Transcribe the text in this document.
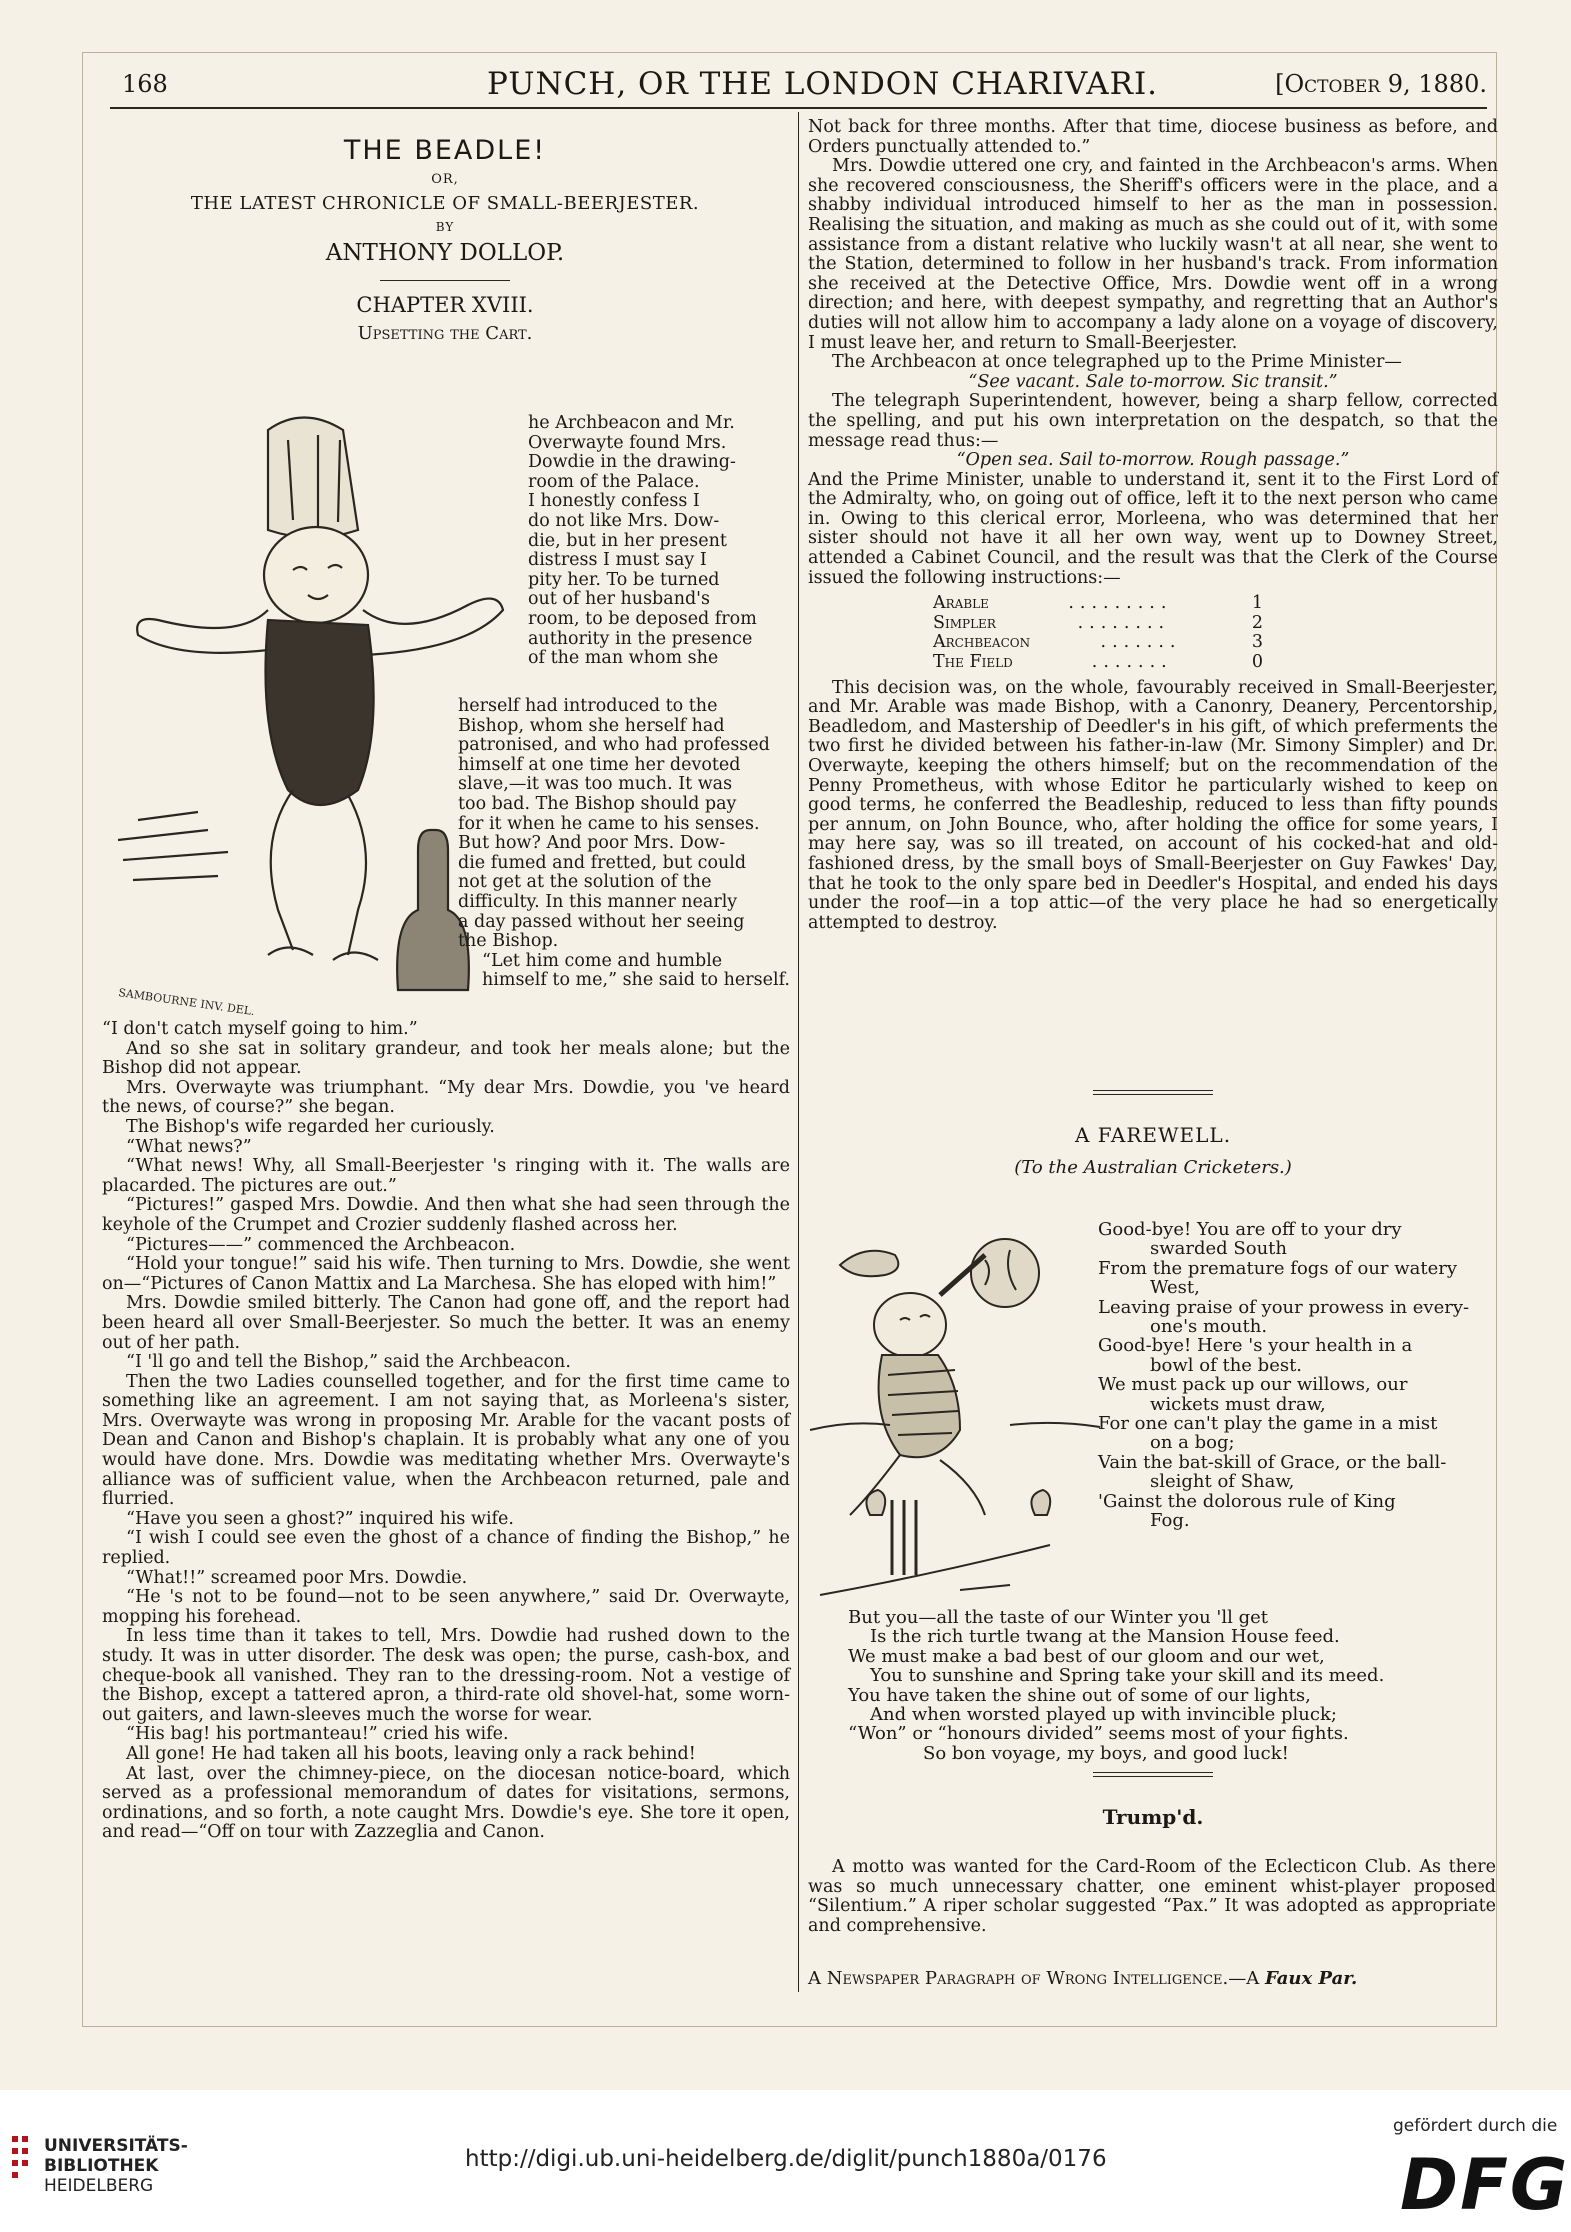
168	PUNCH, OR THE LONDON CHARIVARI.	[October 9, 1880.
THE BEADLE!
OR,
THE LATEST CHRONICLE OF SMALL-BEERJESTER.
BY
ANTHONY DOLLOP.
CHAPTER XVIII.
Upsetting the Cart.
SAMBOURNE INV. DEL.
he Archbeacon and Mr.
Overwayte found Mrs.
Dowdie in the drawing-
room of the Palace.
I honestly confess I
do not like Mrs. Dow-
die, but in her present
distress I must say I
pity her. To be turned
out of her husband's
room, to be deposed from
authority in the presence
of the man whom she
herself had introduced to the
Bishop, whom she herself had
patronised, and who had professed
himself at one time her devoted
slave,—it was too much. It was
too bad. The Bishop should pay
for it when he came to his senses.
But how? And poor Mrs. Dow-
die fumed and fretted, but could
not get at the solution of the
difficulty. In this manner nearly
a day passed without her seeing
the Bishop.
“Let him come and humble
himself to me,” she said to herself.

“I don't catch myself going to him.”

And so she sat in solitary grandeur, and took her meals alone; but the Bishop did not appear.

Mrs. Overwayte was triumphant. “My dear Mrs. Dowdie, you 've heard the news, of course?” she began.

The Bishop's wife regarded her curiously.

“What news?”

“What news! Why, all Small-Beerjester 's ringing with it. The walls are placarded. The pictures are out.”

“Pictures!” gasped Mrs. Dowdie. And then what she had seen through the keyhole of the Crumpet and Crozier suddenly flashed across her.

“Pictures——” commenced the Archbeacon.

“Hold your tongue!” said his wife. Then turning to Mrs. Dowdie, she went on—“Pictures of Canon Mattix and La Marchesa. She has eloped with him!”

Mrs. Dowdie smiled bitterly. The Canon had gone off, and the report had been heard all over Small-Beerjester. So much the better. It was an enemy out of her path.

“I 'll go and tell the Bishop,” said the Archbeacon.

Then the two Ladies counselled together, and for the first time came to something like an agreement. I am not saying that, as Morleena's sister, Mrs. Overwayte was wrong in proposing Mr. Arable for the vacant posts of Dean and Canon and Bishop's chaplain. It is probably what any one of you would have done. Mrs. Dowdie was meditating whether Mrs. Overwayte's alliance was of sufficient value, when the Archbeacon returned, pale and flurried.

“Have you seen a ghost?” inquired his wife.

“I wish I could see even the ghost of a chance of finding the Bishop,” he replied.

“What!!” screamed poor Mrs. Dowdie.

“He 's not to be found—not to be seen anywhere,” said Dr. Overwayte, mopping his forehead.

In less time than it takes to tell, Mrs. Dowdie had rushed down to the study. It was in utter disorder. The desk was open; the purse, cash-box, and cheque-book all vanished. They ran to the dressing-room. Not a vestige of the Bishop, except a tattered apron, a third-rate old shovel-hat, some worn-out gaiters, and lawn-sleeves much the worse for wear.

“His bag! his portmanteau!” cried his wife.

All gone! He had taken all his boots, leaving only a rack behind!

At last, over the chimney-piece, on the diocesan notice-board, which served as a professional memorandum of dates for visitations, sermons, ordinations, and so forth, a note caught Mrs. Dowdie's eye. She tore it open, and read—“Off on tour with Zazzeglia and Canon.

Not back for three months. After that time, diocese business as before, and Orders punctually attended to.”

Mrs. Dowdie uttered one cry, and fainted in the Archbeacon's arms. When she recovered consciousness, the Sheriff's officers were in the place, and a shabby individual introduced himself to her as the man in possession. Realising the situation, and making as much as she could out of it, with some assistance from a distant relative who luckily wasn't at all near, she went to the Station, determined to follow in her husband's track. From information she received at the Detective Office, Mrs. Dowdie went off in a wrong direction; and here, with deepest sympathy, and regretting that an Author's duties will not allow him to accompany a lady alone on a voyage of discovery, I must leave her, and return to Small-Beerjester.

The Archbeacon at once telegraphed up to the Prime Minister—

“See vacant. Sale to-morrow. Sic transit.”

The telegraph Superintendent, however, being a sharp fellow, corrected the spelling, and put his own interpretation on the despatch, so that the message read thus:—

“Open sea. Sail to-morrow. Rough passage.”

And the Prime Minister, unable to understand it, sent it to the First Lord of the Admiralty, who, on going out of office, left it to the next person who came in. Owing to this clerical error, Morleena, who was determined that her sister should not have it all her own way, went up to Downey Street, attended a Cabinet Council, and the result was that the Clerk of the Course issued the following instructions:—

Arable	.........	1
Simpler	........	2
Archbeacon	.......	3
The Field	.......	0

This decision was, on the whole, favourably received in Small-Beerjester, and Mr. Arable was made Bishop, with a Canonry, Deanery, Percentorship, Beadledom, and Mastership of Deedler's in his gift, of which preferments the two first he divided between his father-in-law (Mr. Simony Simpler) and Dr. Overwayte, keeping the others himself; but on the recommendation of the Penny Prometheus, with whose Editor he particularly wished to keep on good terms, he conferred the Beadleship, reduced to less than fifty pounds per annum, on John Bounce, who, after holding the office for some years, I may here say, was so ill treated, on account of his cocked-hat and old-fashioned dress, by the small boys of Small-Beerjester on Guy Fawkes' Day, that he took to the only spare bed in Deedler's Hospital, and ended his days under the roof—in a top attic—of the very place he had so energetically attempted to destroy.

A FAREWELL.
(To the Australian Cricketers.)
Good-bye! You are off to your dry
swarded South
From the premature fogs of our watery
West,
Leaving praise of your prowess in every-
one's mouth.
Good-bye! Here 's your health in a
bowl of the best.
We must pack up our willows, our
wickets must draw,
For one can't play the game in a mist
on a bog;
Vain the bat-skill of Grace, or the ball-
sleight of Shaw,
'Gainst the dolorous rule of King
Fog.
But you—all the taste of our Winter you 'll get
Is the rich turtle twang at the Mansion House feed.
We must make a bad best of our gloom and our wet,
You to sunshine and Spring take your skill and its meed.
You have taken the shine out of some of our lights,
And when worsted played up with invincible pluck;
“Won” or “honours divided” seems most of your fights.
So bon voyage, my boys, and good luck!
Trump'd.

A motto was wanted for the Card-Room of the Eclecticon Club. As there was so much unnecessary chatter, one eminent whist-player proposed “Silentium.” A riper scholar suggested “Pax.” It was adopted as appropriate and comprehensive.

A Newspaper Paragraph of Wrong Intelligence.—A Faux Par.
UNIVERSITÄTS-
BIBLIOTHEK
HEIDELBERG
http://digi.ub.uni-heidelberg.de/diglit/punch1880a/0176
gefördert durch die
DFG
